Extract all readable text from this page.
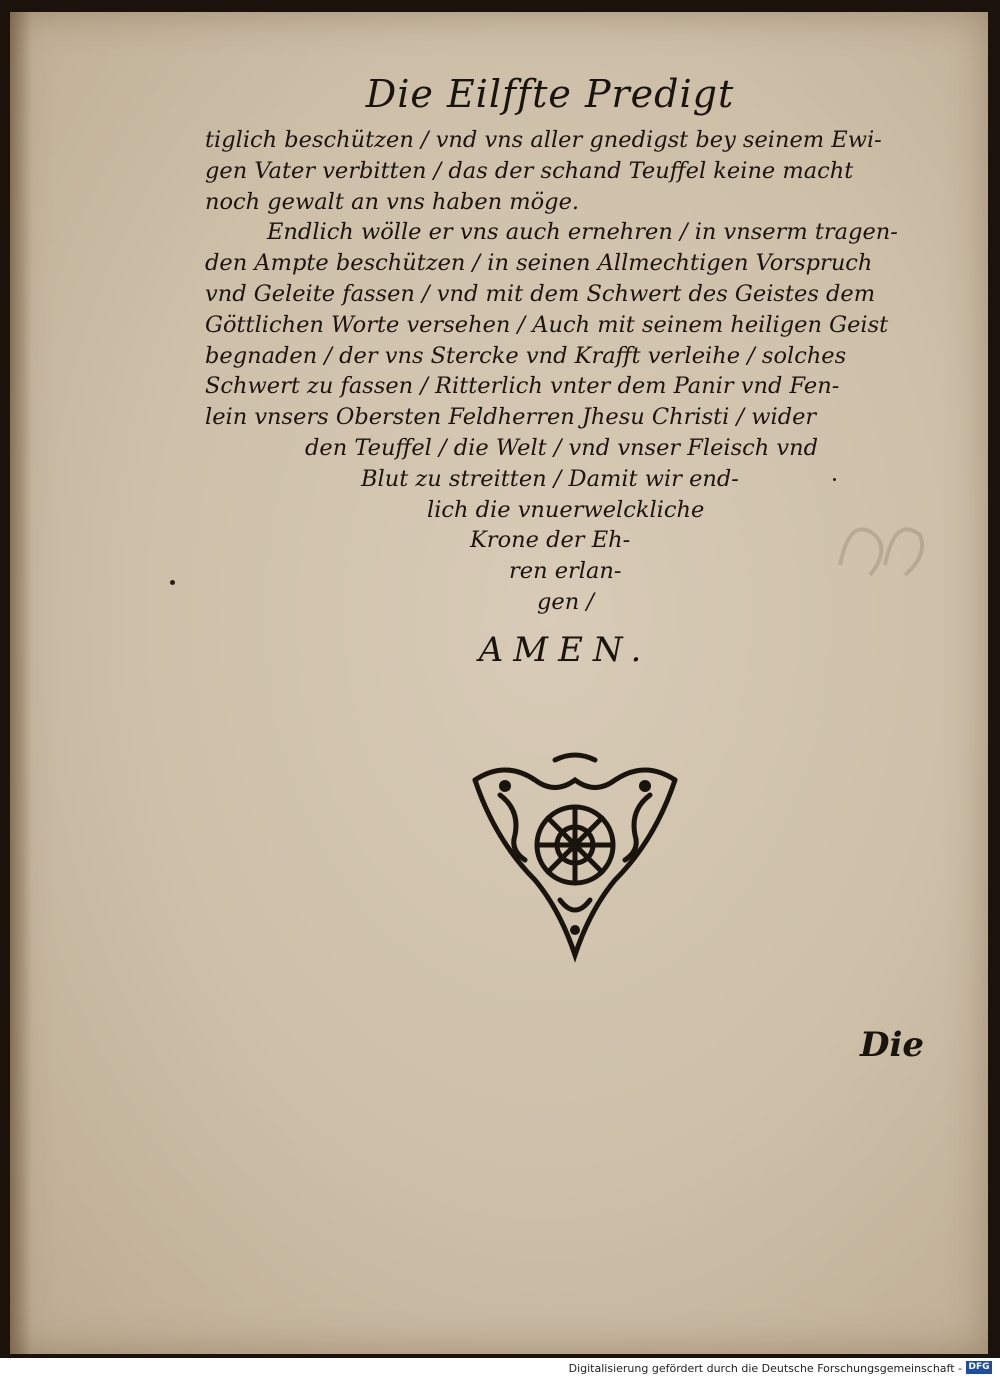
Die Eilffte Predigt
tiglich beschützen / vnd vns aller gnedigst bey seinem Ewi-
gen Vater verbitten / das der schand Teuffel keine macht
noch gewalt an vns haben möge.
Endlich wölle er vns auch ernehren / in vnserm tragen-
den Ampte beschützen / in seinen Allmechtigen Vorspruch
vnd Geleite fassen / vnd mit dem Schwert des Geistes dem
Göttlichen Worte versehen / Auch mit seinem heiligen Geist
begnaden / der vns Stercke vnd Krafft verleihe / solches
Schwert zu fassen / Ritterlich vnter dem Panir vnd Fen-
lein vnsers Obersten Feldherren Jhesu Christi / wider
den Teuffel / die Welt / vnd vnser Fleisch vnd
Blut zu streitten / Damit wir end-
lich die vnuerwelckliche
Krone der Eh-
ren erlan-
gen /
AMEN.
Die
Digitalisierung gefördert durch die Deutsche Forschungsgemeinschaft - DFG
